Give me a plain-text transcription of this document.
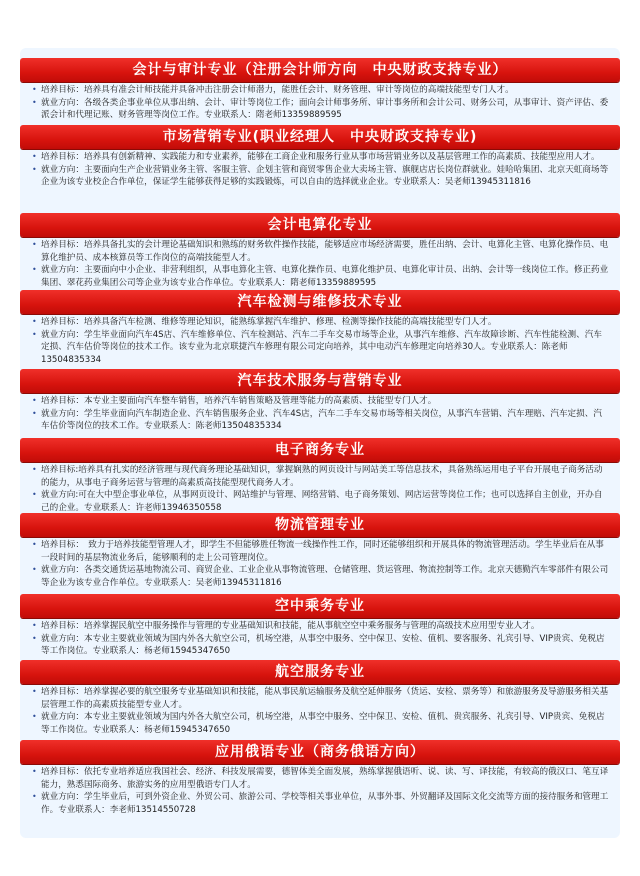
会计与审计专业（注册会计师方向　中央财政支持专业）

• 培养目标：培养具有准会计师技能并具备冲击注册会计师潜力，能胜任会计、财务管理、审计等岗位的高端技能型专门人才。

• 就业方向：各级各类企事业单位从事出纳、会计、审计等岗位工作；面向会计师事务所、审计事务所和会计公司、财务公司，从事审计、资产评估、委派会计和代理记账、财务管理等岗位工作。专业联系人：隋老师13359889595

市场营销专业(职业经理人　中央财政支持专业)

• 培养目标：培养具有创新精神、实践能力和专业素养，能够在工商企业和服务行业从事市场营销业务以及基层管理工作的高素质、技能型应用人才。

• 就业方向：主要面向生产企业营销业务主管、客服主管、企划主管和商贸零售企业大卖场主管、旗舰店店长岗位群就业。娃哈哈集团、北京天虹商场等企业为该专业校企合作单位，保证学生能够获得足够的实践锻炼，可以自由的选择就业企业。专业联系人：吴老师13945311816

会计电算化专业

• 培养目标：培养具备扎实的会计理论基础知识和熟练的财务软件操作技能，能够适应市场经济需要，胜任出纳、会计、电算化主管、电算化操作员、电算化维护员、成本核算员等工作岗位的高端技能型人才。

• 就业方向：主要面向中小企业、非营利组织，从事电算化主管、电算化操作员、电算化维护员、电算化审计员、出纳、会计等一线岗位工作。修正药业集团、翠花药业集团公司等企业为该专业合作单位。专业联系人：隋老师13359889595

汽车检测与维修技术专业

• 培养目标：培养具备汽车检测、维修等理论知识，能熟练掌握汽车维护、修理、检测等操作技能的高端技能型专门人才。

• 就业方向：学生毕业面向汽车4S店、汽车维修单位、汽车检测站、汽车二手车交易市场等企业，从事汽车维修、汽车故障诊断、汽车性能检测、汽车定损、汽车估价等岗位的技术工作。该专业为北京联捷汽车修理有限公司定向培养，其中电动汽车修理定向培养30人。专业联系人：陈老师13504835334

汽车技术服务与营销专业

• 培养目标：本专业主要面向汽车整车销售，培养汽车销售策略及管理等能力的高素质、技能型专门人才。

• 就业方向：学生毕业面向汽车制造企业、汽车销售服务企业、汽车4S店，汽车二手车交易市场等相关岗位，从事汽车营销、汽车理赔、汽车定损、汽车估价等岗位的技术工作。专业联系人：陈老师13504835334

电子商务专业

• 培养目标:培养具有扎实的经济管理与现代商务理论基础知识，掌握娴熟的网页设计与网站美工等信息技术，具备熟练运用电子平台开展电子商务活动的能力，从事电子商务运营与管理的高素质高技能型现代商务人才。

• 就业方向:可在大中型企事业单位，从事网页设计、网站维护与管理、网络营销、电子商务策划、网店运营等岗位工作；也可以选择自主创业，开办自己的企业。专业联系人：许老师13946350558

物流管理专业

• 培养目标：　致力于培养技能型管理人才，即学生不但能够胜任物流一线操作性工作，同时还能够组织和开展具体的物流管理活动。学生毕业后在从事一段时间的基层物流业务后，能够顺利的走上公司管理岗位。

• 就业方向：各类交通货运基地物流公司、商贸企业、工业企业从事物流管理、仓储管理、货运管理、物流控制等工作。北京天德勤汽车零部件有限公司等企业为该专业合作单位。专业联系人：吴老师13945311816

空中乘务专业

• 培养目标：培养掌握民航空中服务操作与管理的专业基础知识和技能，能从事航空空中乘务服务与管理的高级技术应用型专业人才。

• 就业方向：本专业主要就业领域为国内外各大航空公司，机场空港，从事空中服务、空中保卫、安检、值机、要客服务、礼宾引导、VIP贵宾、免税店等工作岗位。专业联系人：杨老师15945347650

航空服务专业

• 培养目标：培养掌握必要的航空服务专业基础知识和技能，能从事民航运输服务及航空延伸服务（货运、安检、票务等）和旅游服务及导游服务相关基层管理工作的高素质技能型专业人才。

• 就业方向：本专业主要就业领域为国内外各大航空公司，机场空港，从事空中服务、空中保卫、安检、值机、贵宾服务、礼宾引导、VIP贵宾、免税店等工作岗位。专业联系人：杨老师15945347650

应用俄语专业（商务俄语方向）

• 培养目标：依托专业培养适应我国社会、经济、科技发展需要，德智体美全面发展，熟练掌握俄语听、说、读、写、译技能，有较高的俄汉口、笔互译能力，熟悉国际商务、旅游实务的应用型俄语专门人才。

• 就业方向：学生毕业后，可到外资企业、外贸公司、旅游公司、学校等相关事业单位，从事外事、外贸翻译及国际文化交流等方面的接待服务和管理工作。专业联系人：李老师13514550728
